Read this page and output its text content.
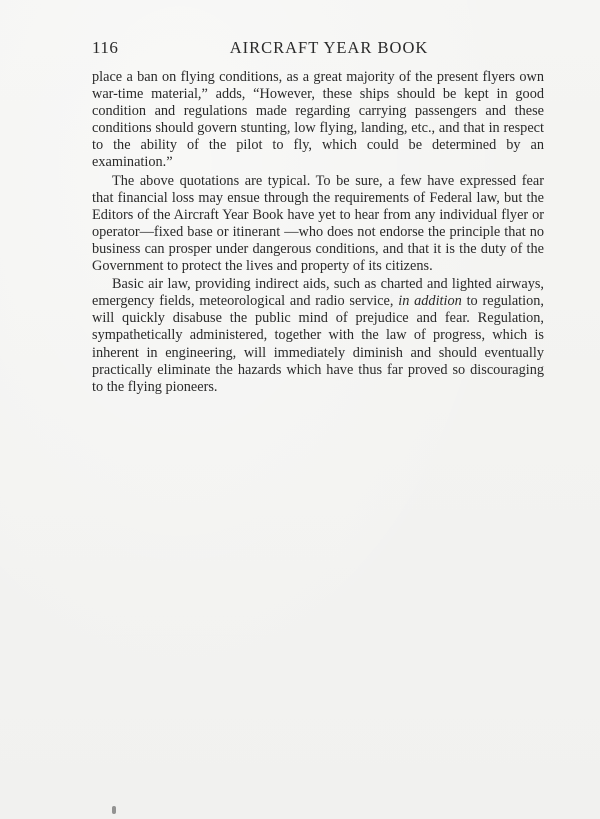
116	AIRCRAFT YEAR BOOK

place a ban on flying conditions, as a great majority of the present flyers own war-time material,” adds, “However, these ships should be kept in good condition and regulations made regarding carrying passengers and these conditions should govern stunting, low flying, landing, etc., and that in respect to the ability of the pilot to fly, which could be determined by an examination.”

The above quotations are typical. To be sure, a few have expressed fear that financial loss may ensue through the requirements of Federal law, but the Editors of the Aircraft Year Book have yet to hear from any individual flyer or operator—fixed base or itinerant —who does not endorse the principle that no business can prosper under dangerous conditions, and that it is the duty of the Government to protect the lives and property of its citizens.

Basic air law, providing indirect aids, such as charted and lighted airways, emergency fields, meteorological and radio service, in addition to regulation, will quickly disabuse the public mind of prejudice and fear. Regulation, sympathetically administered, together with the law of progress, which is inherent in engineering, will immediately diminish and should eventually practically eliminate the hazards which have thus far proved so discouraging to the flying pioneers.
